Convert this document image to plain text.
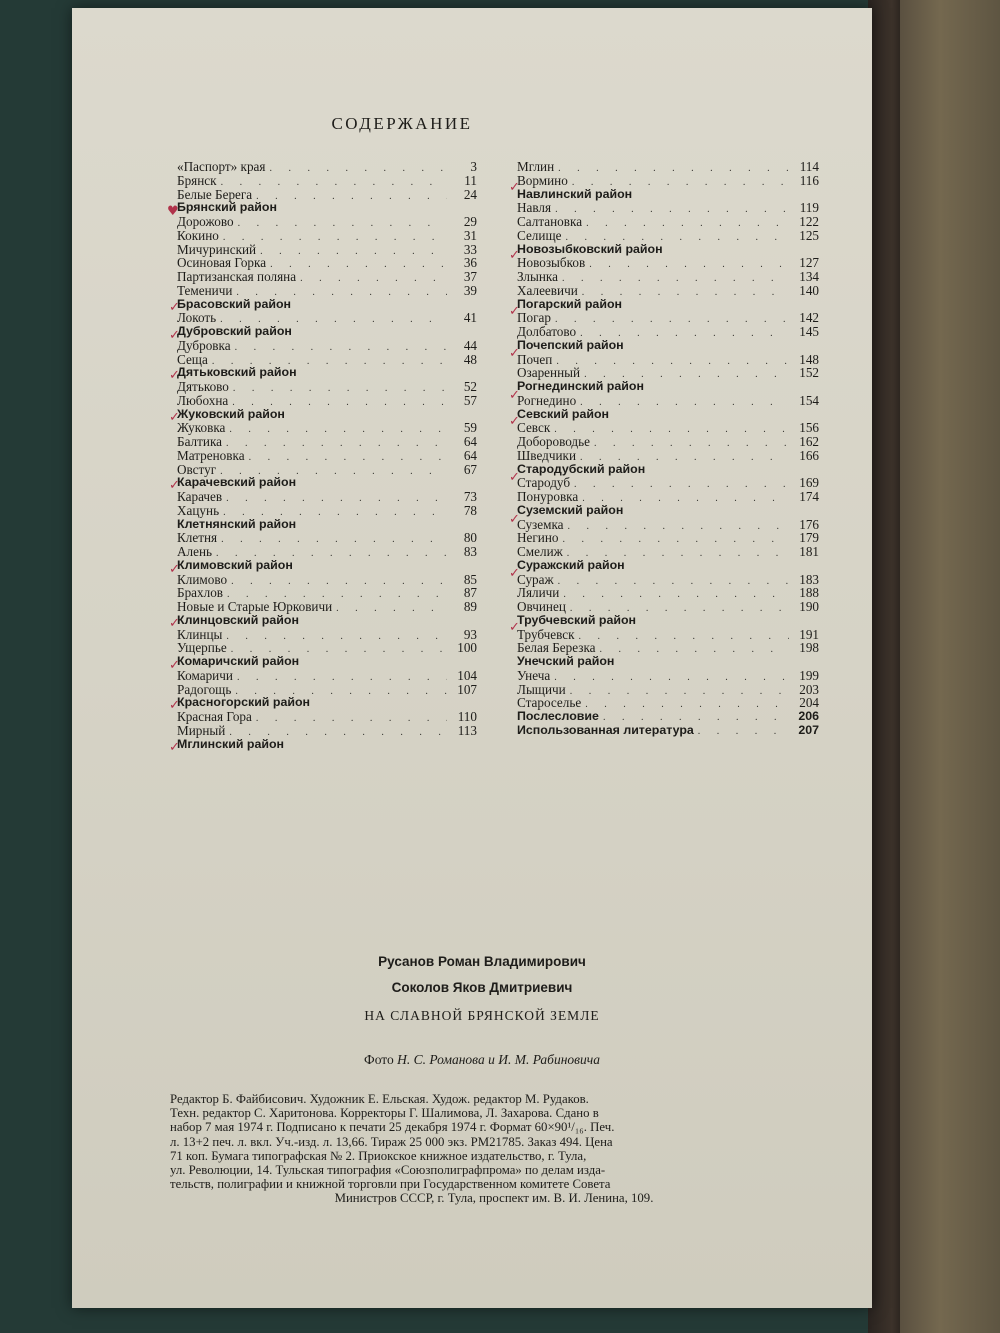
СОДЕРЖАНИЕ
«Паспорт» края . . .	3
Брянск . . .	11
Белые Берега . . .	24
Брянский район
Дорожово . . .	29
Кокино . . .	31
Мичуринский . . .	33
Осиновая Горка . . .	36
Партизанская поляна . . .	37
Теменичи . . .	39
Брасовский район
Локоть . . .	41
Дубровский район
Дубровка . . .	44
Сеща . . .	48
Дятьковский район
Дятьково . . .	52
Любохна . . .	57
Жуковский район
Жуковка . . .	59
Балтика . . .	64
Матреновка . . .	64
Овстуг . . .	67
Карачевский район
Карачев . . .	73
Хацунь . . .	78
Клетнянский район
Клетня . . .	80
Алень . . .	83
Климовский район
Климово . . .	85
Брахлов . . .	87
Новые и Старые Юрковичи . . .	89
Клинцовский район
Клинцы . . .	93
Ущерпье . . .	100
Комаричский район
Комаричи . . .	104
Радогощь . . .	107
Красногорский район
Красная Гора . . .	110
Мирный . . .	113
Мглинский район
Мглин . . .	114
Вормино . . .	116
Навлинский район
Навля . . .	119
Салтановка . . .	122
Селище . . .	125
Новозыбковский район
Новозыбков . . .	127
Злынка . . .	134
Халеевичи . . .	140
Погарский район
Погар . . .	142
Долбатово . . .	145
Почепский район
Почеп . . .	148
Озаренный . . .	152
Рогнединский район
Рогнедино . . .	154
Севский район
Севск . . .	156
Добороводье . . .	162
Шведчики . . .	166
Стародубский район
Стародуб . . .	169
Понуровка . . .	174
Суземский район
Суземка . . .	176
Негино . . .	179
Смелиж . . .	181
Суражский район
Сураж . . .	183
Ляличи . . .	188
Овчинец . . .	190
Трубчевский район
Трубчевск . . .	191
Белая Березка . . .	198
Унечский район
Унеча . . .	199
Лыщичи . . .	203
Староселье . . .	204
Послесловие . . .	206
Использованная литература . . .	207
♥
✓
✓
✓
✓
✓
✓
✓
✓
✓
✓
✓
✓
✓
✓
✓
✓
✓
✓
✓
✓
Русанов Роман Владимирович
Соколов Яков Дмитриевич
НА СЛАВНОЙ БРЯНСКОЙ ЗЕМЛЕ
Фото Н. С. Романова и И. М. Рабиновича

Редактор Б. Файбисович. Художник Е. Ельская. Худож. редактор М. Рудаков.

Техн. редактор С. Харитонова. Корректоры Г. Шалимова, Л. Захарова. Сдано в

набор 7 мая 1974 г. Подписано к печати 25 декабря 1974 г. Формат 60×90¹/₁₆. Печ.

л. 13+2 печ. л. вкл. Уч.-изд. л. 13,66. Тираж 25 000 экз. РМ21785. Заказ 494. Цена

71 коп. Бумага типографская № 2. Приокское книжное издательство, г. Тула,

ул. Революции, 14. Тульская типография «Союзполиграфпрома» по делам изда-

тельств, полиграфии и книжной торговли при Государственном комитете Совета

Министров СССР, г. Тула, проспект им. В. И. Ленина, 109.
